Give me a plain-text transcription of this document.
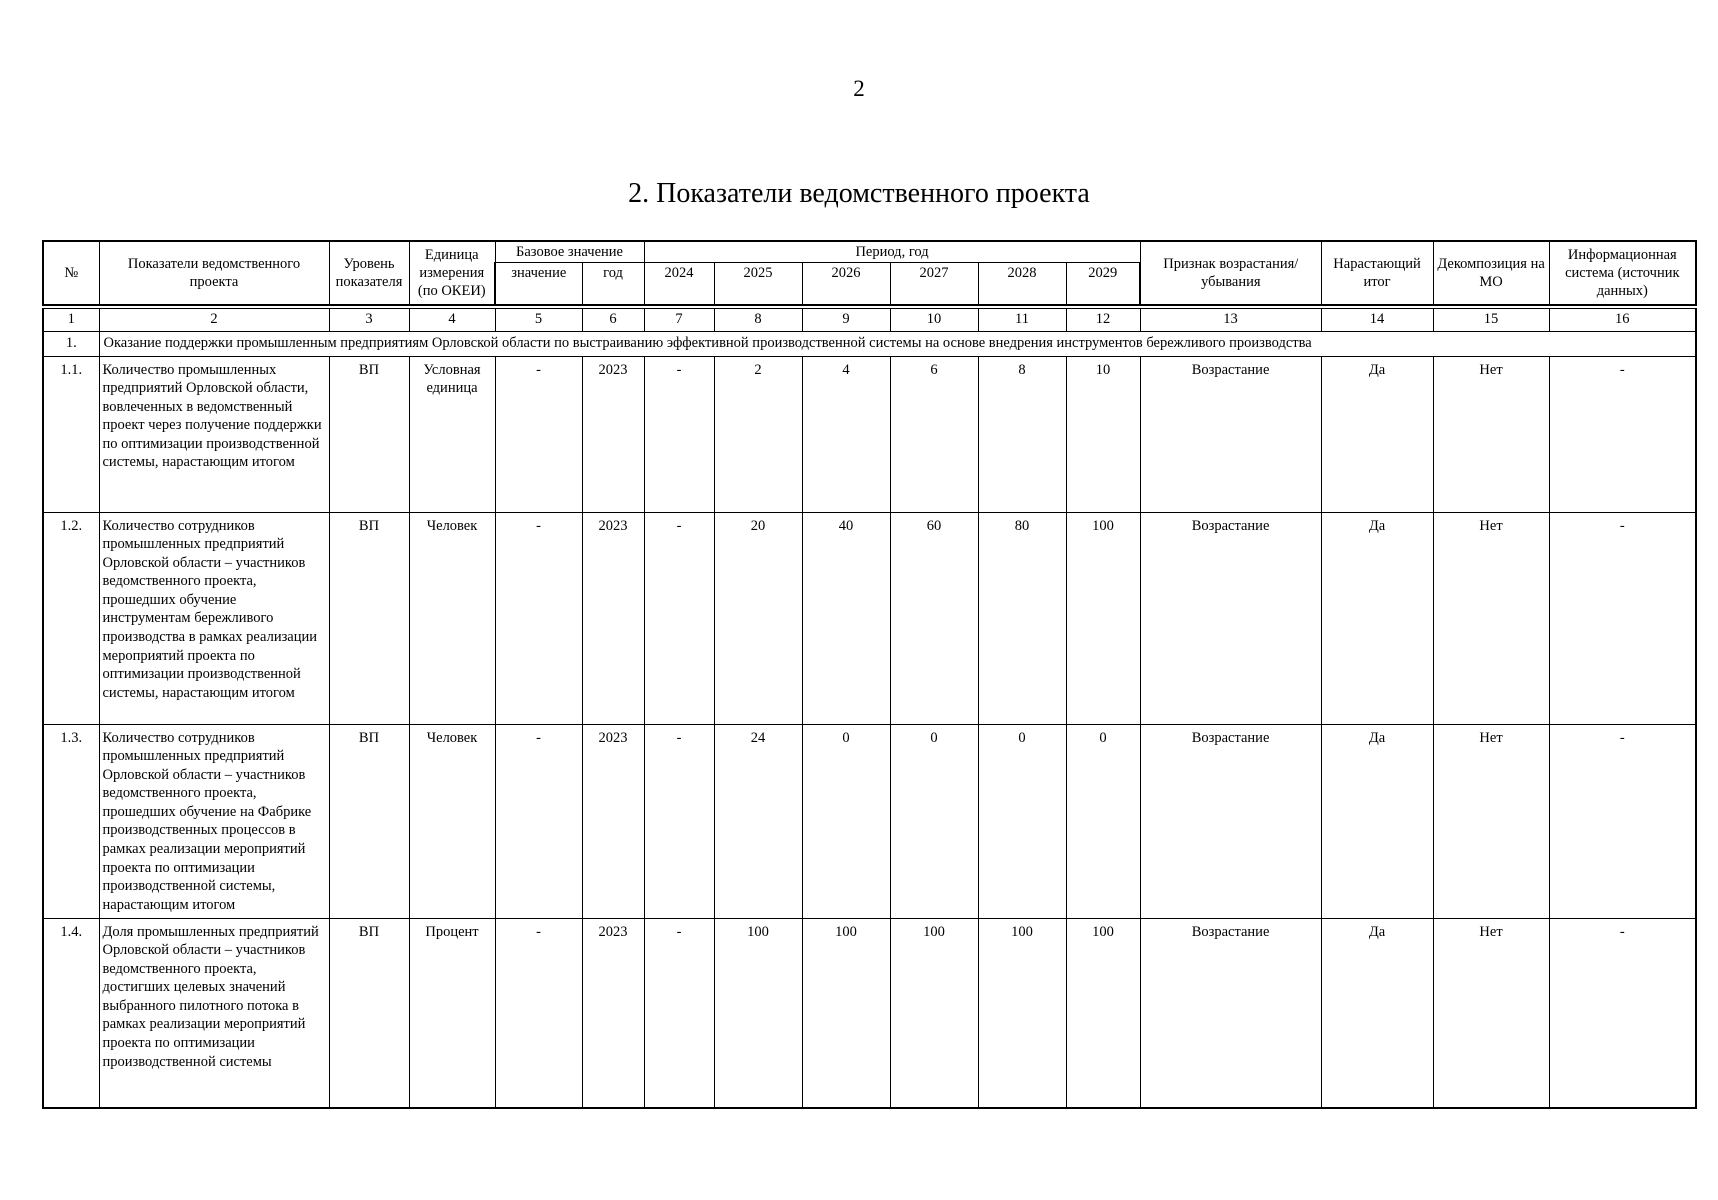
2
2. Показатели ведомственного проекта
№	Показатели ведомственного проекта	Уровень показателя	Единица измерения (по ОКЕИ)	Базовое значение		Период, год						Признак возрастания/убывания	Нарастающий итог	Декомпозиция на МО	Информационная система (источник данных)
				значение	год	2024	2025	2026	2027	2028	2029				

1	2	3	4	5	6	7	8	9	10	11	12	13	14	15	16
1.	Оказание поддержки промышленным предприятиям Орловской области по выстраиванию эффективной производственной системы на основе внедрения инструментов бережливого производства														
1.1.	Количество промышленных предприятий Орловской области, вовлеченных в ведомственный проект через получение поддержки по оптимизации производственной системы, нарастающим итогом	ВП	Условная единица	-	2023	-	2	4	6	8	10	Возрастание	Да	Нет	-
1.2.	Количество сотрудников промышленных предприятий Орловской области – участников ведомственного проекта, прошедших обучение инструментам бережливого производства в рамках реализации мероприятий проекта по оптимизации производственной системы, нарастающим итогом	ВП	Человек	-	2023	-	20	40	60	80	100	Возрастание	Да	Нет	-
1.3.	Количество сотрудников промышленных предприятий Орловской области – участников ведомственного проекта, прошедших обучение на Фабрике производственных процессов в рамках реализации мероприятий проекта по оптимизации производственной системы, нарастающим итогом	ВП	Человек	-	2023	-	24	0	0	0	0	Возрастание	Да	Нет	-
1.4.	Доля промышленных предприятий Орловской области – участников ведомственного проекта, достигших целевых значений выбранного пилотного потока в рамках реализации мероприятий проекта по оптимизации производственной системы	ВП	Процент	-	2023	-	100	100	100	100	100	Возрастание	Да	Нет	-
